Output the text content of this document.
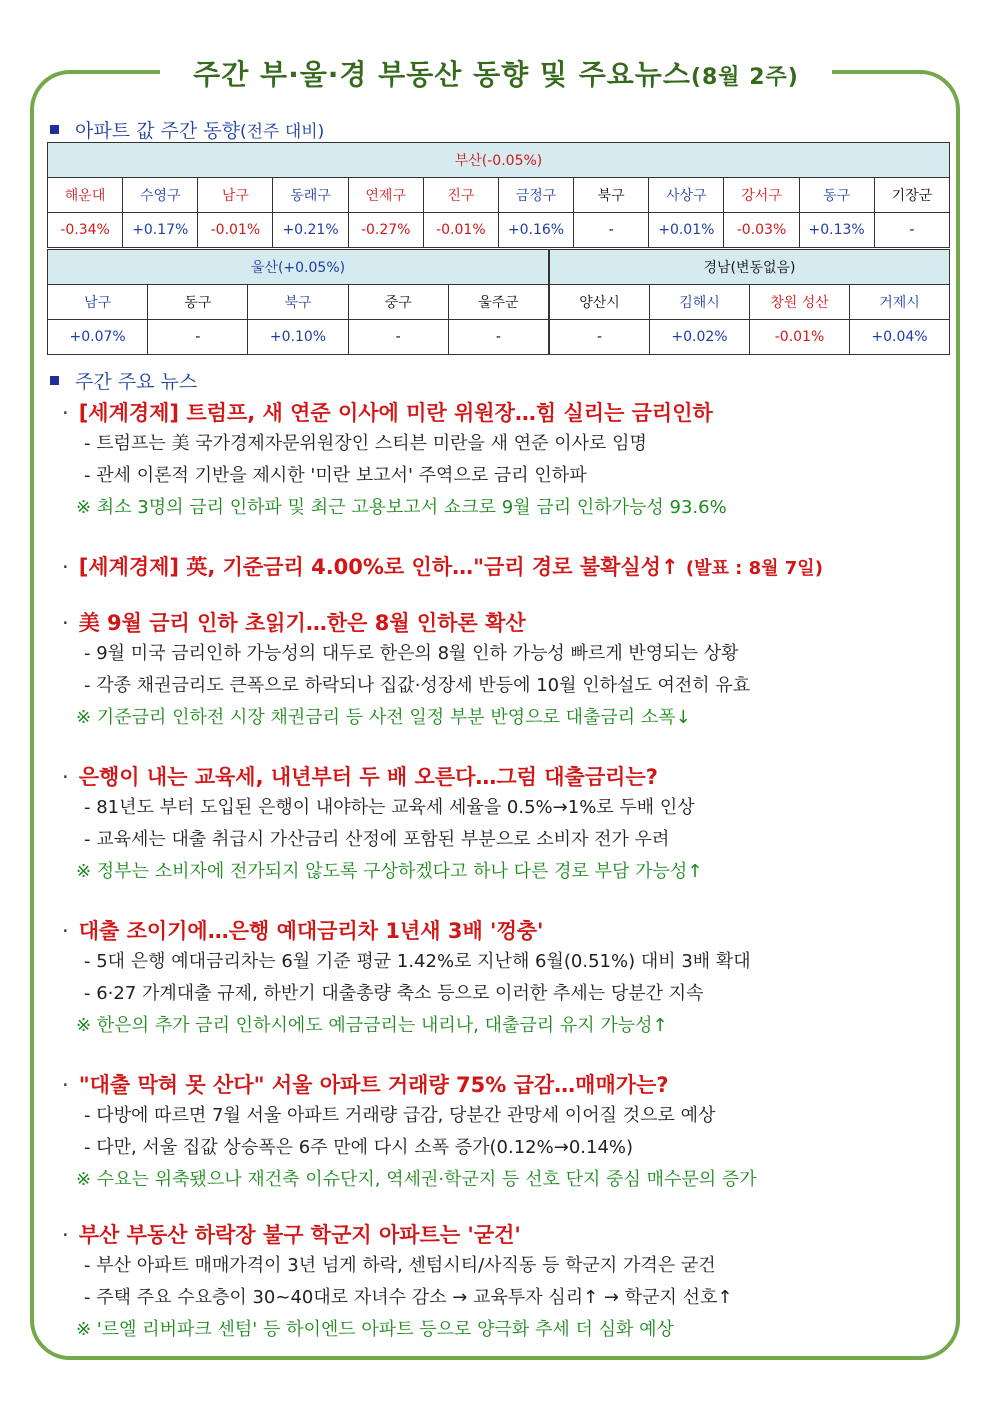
주간 부·울·경 부동산 동향 및 주요뉴스(8월 2주)
아파트 값 주간 동향 (전주 대비)
부산(-0.05%)											
해운대	수영구	남구	동래구	연제구	진구	금정구	북구	사상구	강서구	동구	기장군
-0.34%	+0.17%	-0.01%	+0.21%	-0.27%	-0.01%	+0.16%	-	+0.01%	-0.03%	+0.13%	-
울산(+0.05%)				
남구	동구	북구	중구	울주군
+0.07%	-	+0.10%	-	-
경남(변동없음)			
양산시	김해시	창원 성산	거제시
-	+0.02%	-0.01%	+0.04%
주간 주요 뉴스
· [세계경제] 트럼프, 새 연준 이사에 미란 위원장…힘 실리는 금리인하
- 트럼프는 美 국가경제자문위원장인 스티븐 미란을 새 연준 이사로 임명
- 관세 이론적 기반을 제시한 '미란 보고서' 주역으로 금리 인하파
※ 최소 3명의 금리 인하파 및 최근 고용보고서 쇼크로 9월 금리 인하가능성 93.6%
· [세계경제] 英, 기준금리 4.00%로 인하…"금리 경로 불확실성↑ (발표 : 8월 7일)
· 美 9월 금리 인하 초읽기…한은 8월 인하론 확산
- 9월 미국 금리인하 가능성의 대두로 한은의 8월 인하 가능성 빠르게 반영되는 상황
- 각종 채권금리도 큰폭으로 하락되나 집값·성장세 반등에 10월 인하설도 여전히 유효
※ 기준금리 인하전 시장 채권금리 등 사전 일정 부분 반영으로 대출금리 소폭↓
· 은행이 내는 교육세, 내년부터 두 배 오른다…그럼 대출금리는?
- 81년도 부터 도입된 은행이 내야하는 교육세 세율을 0.5%→1%로 두배 인상
- 교육세는 대출 취급시 가산금리 산정에 포함된 부분으로 소비자 전가 우려
※ 정부는 소비자에 전가되지 않도록 구상하겠다고 하나 다른 경로 부담 가능성↑
· 대출 조이기에…은행 예대금리차 1년새 3배 '껑충'
- 5대 은행 예대금리차는 6월 기준 평균 1.42%로 지난해 6월(0.51%) 대비 3배 확대
- 6·27 가계대출 규제, 하반기 대출총량 축소 등으로 이러한 추세는 당분간 지속
※ 한은의 추가 금리 인하시에도 예금금리는 내리나, 대출금리 유지 가능성↑
· "대출 막혀 못 산다" 서울 아파트 거래량 75% 급감…매매가는?
- 다방에 따르면 7월 서울 아파트 거래량 급감, 당분간 관망세 이어질 것으로 예상
- 다만, 서울 집값 상승폭은 6주 만에 다시 소폭 증가(0.12%→0.14%)
※ 수요는 위축됐으나 재건축 이슈단지, 역세권·학군지 등 선호 단지 중심 매수문의 증가
· 부산 부동산 하락장 불구 학군지 아파트는 '굳건'
- 부산 아파트 매매가격이 3년 넘게 하락, 센텀시티/사직동 등 학군지 가격은 굳건
- 주택 주요 수요층이 30~40대로 자녀수 감소 → 교육투자 심리↑ → 학군지 선호↑
※ '르엘 리버파크 센텀' 등 하이엔드 아파트 등으로 양극화 추세 더 심화 예상
